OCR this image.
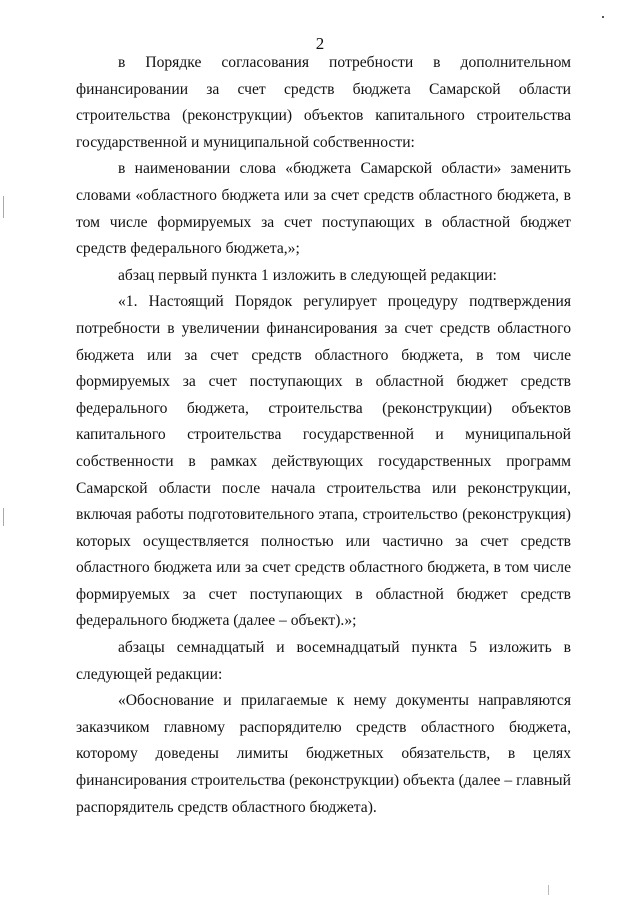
2

в Порядке согласования потребности в дополнительном финансировании за счет средств бюджета Самарской области строительства (реконструкции) объектов капитального строительства государственной и муниципальной собственности:

в наименовании слова «бюджета Самарской области» заменить словами «областного бюджета или за счет средств областного бюджета, в том числе формируемых за счет поступающих в областной бюджет средств федерального бюджета,»;

абзац первый пункта 1 изложить в следующей редакции:

«1. Настоящий Порядок регулирует процедуру подтверждения потребности в увеличении финансирования за счет средств областного бюджета или за счет средств областного бюджета, в том числе формируемых за счет поступающих в областной бюджет средств федерального бюджета, строительства (реконструкции) объектов капитального строительства государственной и муниципальной собственности в рамках действующих государственных программ Самарской области после начала строительства или реконструкции, включая работы подготовительного этапа, строительство (реконструкция) которых осуществляется полностью или частично за счет средств областного бюджета или за счет средств областного бюджета, в том числе формируемых за счет поступающих в областной бюджет средств федерального бюджета (далее – объект).»;

абзацы семнадцатый и восемнадцатый пункта 5 изложить в следующей редакции:

«Обоснование и прилагаемые к нему документы направляются заказчиком главному распорядителю средств областного бюджета, которому доведены лимиты бюджетных обязательств, в целях финансирования строительства (реконструкции) объекта (далее – главный распорядитель средств областного бюджета).
